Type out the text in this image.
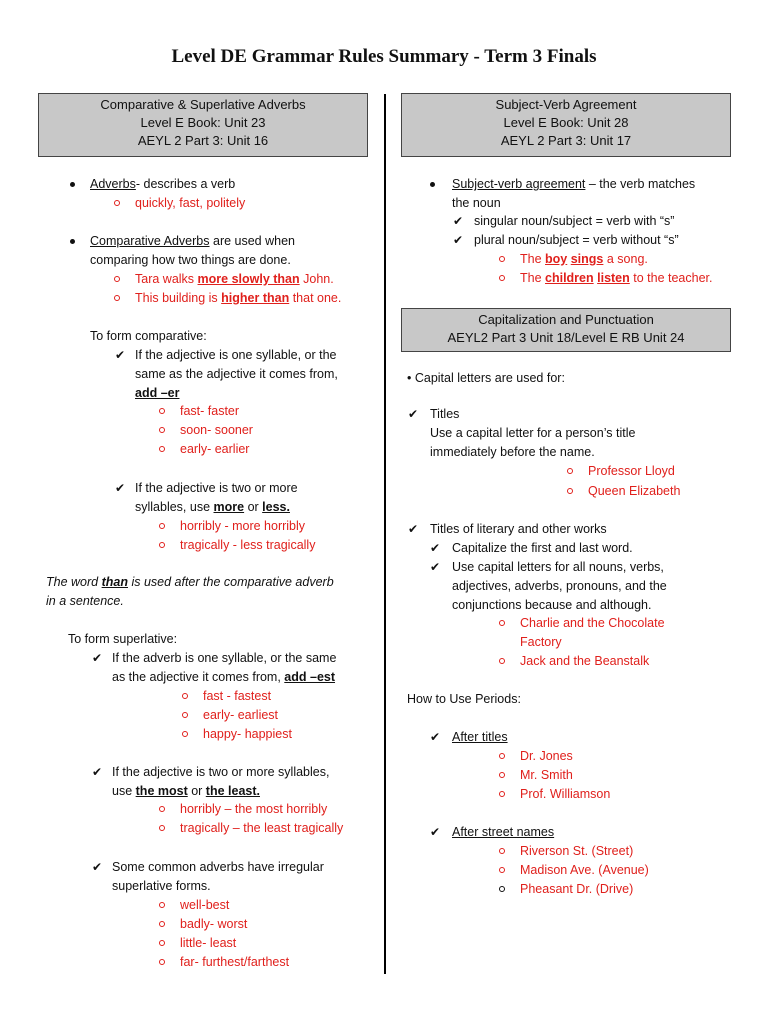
Level DE Grammar Rules Summary - Term 3 Finals
Comparative & Superlative Adverbs
Level E Book: Unit 23
AEYL 2 Part 3: Unit 16
Adverbs- describes a verb
quickly, fast, politely
Comparative Adverbs are used when
comparing how two things are done.
Tara walks more slowly than John.
This building is higher than that one.
To form comparative:
✔ If the adjective is one syllable, or the
same as the adjective it comes from,
add –er
fast- faster
soon- sooner
early- earlier
✔ If the adjective is two or more
syllables, use more or less.
horribly - more horribly
tragically - less tragically
The word than is used after the comparative adverb
in a sentence.
To form superlative:
✔ If the adverb is one syllable, or the same
as the adjective it comes from, add –est
fast - fastest
early- earliest
happy- happiest
✔ If the adjective is two or more syllables,
use the most or the least.
horribly – the most horribly
tragically – the least tragically
✔ Some common adverbs have irregular
superlative forms.
well-best
badly- worst
little- least
far- furthest/farthest
Subject-Verb Agreement
Level E Book: Unit 28
AEYL 2 Part 3: Unit 17
Subject-verb agreement – the verb matches
the noun
✔ singular noun/subject = verb with “s”
✔ plural noun/subject = verb without “s”
The boy sings a song.
The children listen to the teacher.
Capitalization and Punctuation
AEYL2 Part 3 Unit 18/Level E RB Unit 24
• Capital letters are used for:
✔ Titles
Use a capital letter for a person’s title
immediately before the name.
Professor Lloyd
Queen Elizabeth
✔ Titles of literary and other works
✔ Capitalize the first and last word.
✔ Use capital letters for all nouns, verbs,
adjectives, adverbs, pronouns, and the
conjunctions because and although.
Charlie and the Chocolate
Factory
Jack and the Beanstalk
How to Use Periods:
✔ After titles
Dr. Jones
Mr. Smith
Prof. Williamson
✔ After street names
Riverson St. (Street)
Madison Ave. (Avenue)
Pheasant Dr. (Drive)
